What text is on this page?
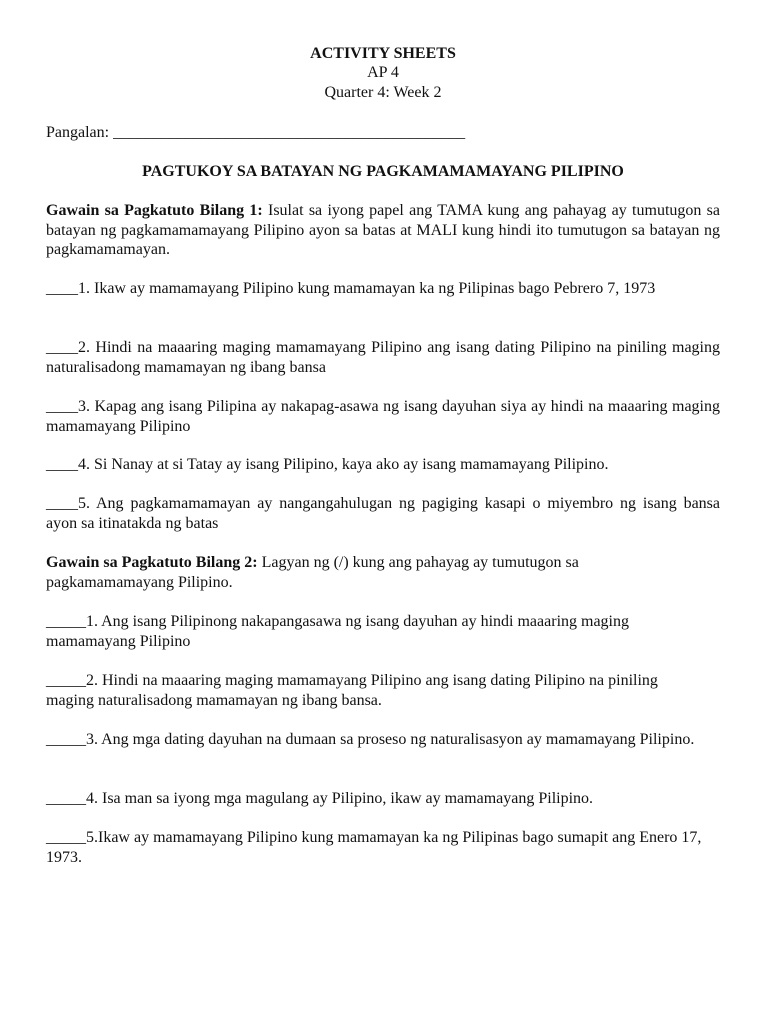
ACTIVITY SHEETS
AP 4
Quarter 4: Week 2
Pangalan: ____________________________________________
PAGTUKOY SA BATAYAN NG PAGKAMAMAMAYANG PILIPINO
Gawain sa Pagkatuto Bilang 1: Isulat sa iyong papel ang TAMA kung ang pahayag ay tumutugon sa batayan ng pagkamamamayang Pilipino ayon sa batas at MALI kung hindi ito tumutugon sa batayan ng pagkamamamayan.
____1. Ikaw ay mamamayang Pilipino kung mamamayan ka ng Pilipinas bago Pebrero 7, 1973
____2. Hindi na maaaring maging mamamayang Pilipino ang isang dating Pilipino na piniling maging naturalisadong mamamayan ng ibang bansa
____3. Kapag ang isang Pilipina ay nakapag-asawa ng isang dayuhan siya ay hindi na maaaring maging mamamayang Pilipino
____4. Si Nanay at si Tatay ay isang Pilipino, kaya ako ay isang mamamayang Pilipino.
____5. Ang pagkamamamayan ay nangangahulugan ng pagiging kasapi o miyembro ng isang bansa ayon sa itinatakda ng batas
Gawain sa Pagkatuto Bilang 2: Lagyan ng (/) kung ang pahayag ay tumutugon sa pagkamamamayang Pilipino.
_____1. Ang isang Pilipinong nakapangasawa ng isang dayuhan ay hindi maaaring maging mamamayang Pilipino
_____2. Hindi na maaaring maging mamamayang Pilipino ang isang dating Pilipino na piniling maging naturalisadong mamamayan ng ibang bansa.
_____3. Ang mga dating dayuhan na dumaan sa proseso ng naturalisasyon ay mamamayang Pilipino.
_____4. Isa man sa iyong mga magulang ay Pilipino, ikaw ay mamamayang Pilipino.
_____5.Ikaw ay mamamayang Pilipino kung mamamayan ka ng Pilipinas bago sumapit ang Enero 17, 1973.
